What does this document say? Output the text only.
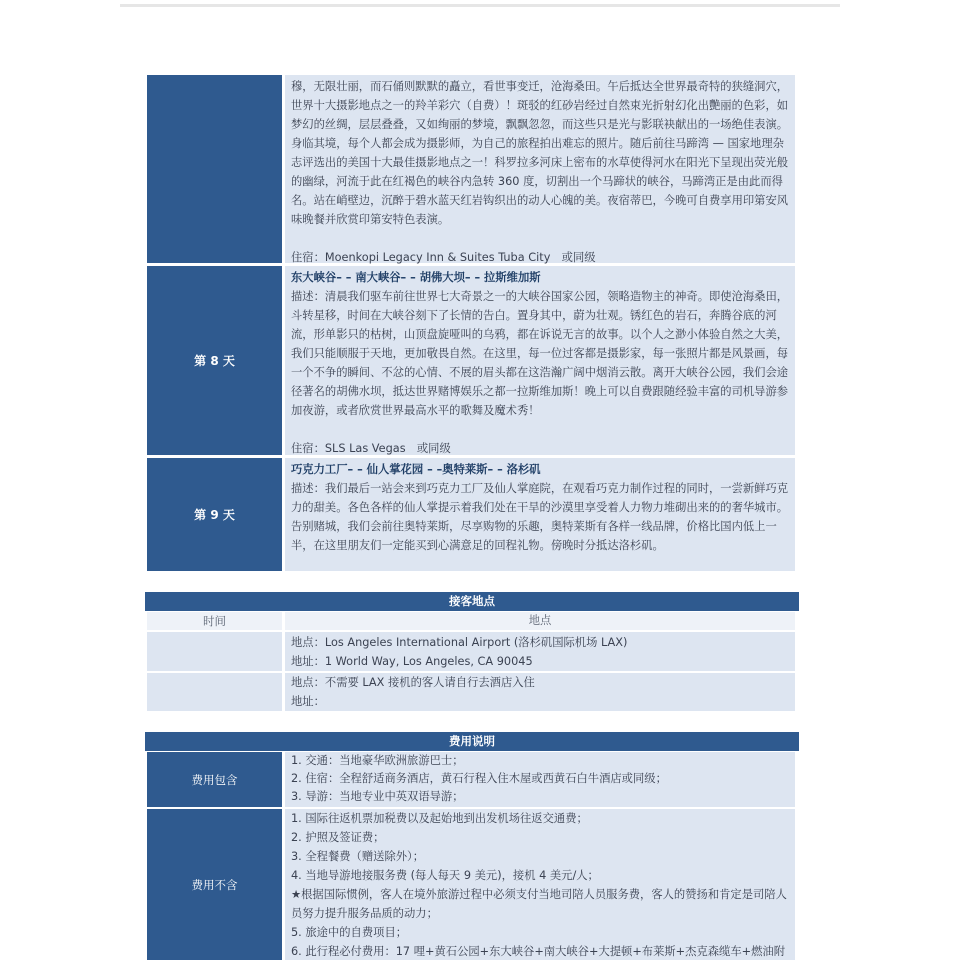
穆，无限壮丽，而石俑则默默的矗立，看世事变迁，沧海桑田。午后抵达全世界最奇特的狭缝洞穴，世界十大摄影地点之一的羚羊彩穴（自费）！斑驳的红砂岩经过自然束光折射幻化出艷丽的色彩，如梦幻的丝绸，层层叠叠，又如绚丽的梦境，飘飘忽忽，而这些只是光与影联袂献出的一场绝佳表演。身临其境，每个人都会成为摄影师，为自己的旅程拍出难忘的照片。随后前往马蹄湾 — 国家地理杂志评选出的美国十大最佳摄影地点之一！科罗拉多河床上密布的水草使得河水在阳光下呈现出荧光般的幽绿，河流于此在红褐色的峡谷内急转 360 度，切割出一个马蹄状的峡谷，马蹄湾正是由此而得名。站在峭壁边，沉醉于碧水蓝天红岩钩织出的动人心魄的美。夜宿蒂巴，今晚可自费享用印第安风味晚餐并欣赏印第安特色表演。

住宿：Moenkopi Legacy Inn & Suites Tuba City　或同级

第 8 天

东大峡谷– – 南大峡谷– – 胡佛大坝– – 拉斯维加斯

描述：清晨我们驱车前往世界七大奇景之一的大峡谷国家公园，领略造物主的神奇。即使沧海桑田，斗转星移，时间在大峡谷刻下了长情的告白。置身其中，蔚为壮观。锈红色的岩石，奔腾谷底的河流，形单影只的枯树，山顶盘旋哑叫的乌鸦，都在诉说无言的故事。以个人之渺小体验自然之大美，我们只能顺服于天地，更加敬畏自然。在这里，每一位过客都是摄影家，每一张照片都是风景画，每一个不争的瞬间、不忿的心情、不展的眉头都在这浩瀚广阔中烟消云散。离开大峡谷公园，我们会途径著名的胡佛水坝，抵达世界赌博娱乐之都一拉斯维加斯！晚上可以自费跟随经验丰富的司机导游参加夜游，或者欣赏世界最高水平的歌舞及魔术秀！

住宿：SLS Las Vegas　或同级

第 9 天

巧克力工厂– – 仙人掌花园 – –奥特莱斯– – 洛杉矶

描述：我们最后一站会来到巧克力工厂及仙人掌庭院，在观看巧克力制作过程的同时，一尝新鲜巧克力的甜美。各色各样的仙人掌提示着我们处在干旱的沙漠里享受着人力物力堆砌出来的的奢华城市。 告别赌城，我们会前往奥特莱斯，尽享购物的乐趣，奥特莱斯有各样一线品牌，价格比国内低上一半，在这里朋友们一定能买到心满意足的回程礼物。傍晚时分抵达洛杉矶。

接客地点
时间	地点
地点：Los Angeles International Airport (洛杉矶国际机场 LAX)
地址：1 World Way, Los Angeles, CA 90045
地点：不需要 LAX 接机的客人请自行去酒店入住
地址：
费用说明
费用包含
1. 交通：当地豪华欧洲旅游巴士；
2. 住宿：全程舒适商务酒店，黄石行程入住木屋或西黄石白牛酒店或同级；
3. 导游：当地专业中英双语导游；
费用不含
1. 国际往返机票加税费以及起始地到出发机场往返交通费；
2. 护照及签证费；
3. 全程餐费（赠送除外）；
4. 当地导游地接服务费 (每人每天 9 美元)，接机 4 美元/人；
★根据国际惯例，客人在境外旅游过程中必须支付当地司陪人员服务费，客人的赞扬和肯定是司陪人员努力提升服务品质的动力；
5. 旅途中的自费项目；
6. 此行程必付费用：17 哩+黄石公园+东大峡谷+南大峡谷+大提顿+布莱斯+杰克森缆车+燃油附
